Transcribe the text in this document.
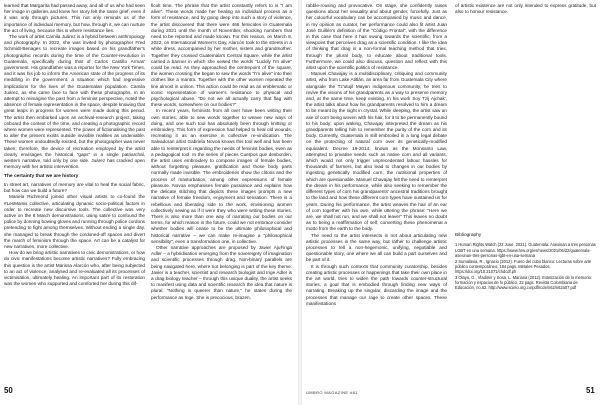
learned that Margarita had passed away, and all of us who had seen her image in galleries and knew her story felt the same grief, even if it was only through pictures. This not only reminds us of the importance of individual memory, but how, through it, we can nurture the act of living, because this is where resistance lies.

The work of artist Camila Juárez is a hybrid between anthropology and photography. In 2022, she was invited by photographer Fred Schmidt-Benages to recreate images based on his grandfather's photographic records during the time of the Counter-revolution in Guatemala, specifically during that of Carlos Castillo Armas' government. His grandfather was a reporter for the New York Times, and it was his job to inform the American state of the progress of its meddling in the government, a situation which had regressive implications for the lives of the Guatemalan population. Camila Juárez, as she came face to face with these photographs, in an attempt to reimagine the past from a feminist perspective, noted the absence of female representation in the space, despite knowing that great leaps in progress for women were made during this period. The artist then embarked upon an archival-research project, taking onboard the context of the time, and creating a photographic record where women were represented. The power of fictionalising the past to alter the present exists outside invisible realities as undeniable. These women undoubtedly existed, but the photographer was never taken; therefore, the device of recreation employed by the artist clearly envisages the historical "gaps" in a single patriarchal, western narrative, told only by one side. Juárez has cracked open memory with her artistic intervention.

The certainty that we are history

In street art, narratives of memory are vital to heal the social fabric, but how can we build a future?

Mariela Richmond joined other visual artists to co-found the #LesMainis collective, articulating dynamic socio-political factors in order to recreate new discursive tools. The collective was very active on the 8 March demonstrations, using satire to confound the police by donning bowing gloves and running through police cordons pretending to fight among themselves. Without ending a single day, she managed to break through the cordoned-off spaces and divert the march of feminism through the space. Art can be a catalyst for new narratives, more collective.

How do we bring artistic narratives to civic demonstrations, or how do civic manifestations become artistic narratives? Fully embracing this question is the artist Marissa Alarcón who, after being subjected to an act of violence, analysed and re-evaluated all its processes of victimisation, ultimately healing. An important part of its restoration was the women who supported and comforted her during this dif-

ficult time. The phrase that the artist constantly refers to is "I am alive". These words made her healing an individual process as a form of resistance, and by going deep into such a story of violence, the artist discovered that there were 466 femicides in Guatemala during 2021 until the month of November, shocking numbers that need to be reported and made known. For this reason, on March 8, 2022, on International Women's Day, Alarcón took to the streets in a white dress, accompanied by her mother, sisters and grandmother. Together they crossed Guatemala's Central Square, while the artist carried a banner in which she sewed the words "Luckily I'm alive" could be read. As they approached the centrepoint of the square, the women crossing the began to sew the words "I'm alive" into their clothes like a mantra. Together with the other women repeated the line almost in unison. This action could be read as an emblematic or iconic representation of women's resistance to physical and psychological abuse. "Do not we all actually carry that flag with these words, somewhere on our bodies?"

In recent years, feminists from all over have been writing their own stories, able to sew words together to weave new ways of doing, and one such tool has absolutely been through knitting or embroidery. This form of expression had helped to heal old wounds, recreating it as an exercise in collective re-vindication. The Salvadoran artist Gabriela Novoa knows this tool well and has been able to reinterpret it regarding the needs of feminist bodies, even as a pedagogical tool. In the series of pieces Cuerpos que desborden, the artist uses embroidery to compose images of female bodies, without forgetting pleasure, gratification and those body parts normally made invisible. The embroideries show the clitoris and the process of masturbation, among other expressions of female pleasure. Novoa emphasises female pussiance and explains how the delicate stitching that depicts these images prompts a new narrative of female freedom, enjoyment and sensation. There is a rebellious and liberating side to the work, envisioning women collectively sewing as if it were they who were writing these stories. There is also more than one way of narrating our bodies on our terms, for which reason in the future, could we not embrace consider whether bodies will cease to be the ultimate philosophical and historical narrative – we can make re-imagine a "philosophical sensibility", even a transformation one, in collective.

Other narrative approaches are proposed by Javier Ajuǂinga Adler – a hybridisation emerging from the sovereignty of imagination and scientific processes through drag. Non-binary parallels are being navigated here, where not belonging is part of the key theme. Javier is a teacher, scientist and research biologist and Inge Adler is a drag biology teacher – through this unique duality, the artist seeks to manifest using data and scientific research the idea that nature is plural. "Nothing is queerer than nature," he states during the performance as Inge. She is precocious, brazen,

rabble-rousing and provocative. On stage, she confidently raises questions about her sexuality and about gender, forcefully. Just as her colourful vocabulary can be accompanied by music and dance, in my opinion as curator, her performance could also fit artist Juan José Guillén's definition of the "Código Frontal", with the difference in this case that here it has swung towards the scientific, from a viewpoint that perceives drag as a scientific condition. I like the idea of thinking that drag is a non-formal teaching method that tries, through the plural body, to educate about traditional tools. Furthermore, we could also discuss, question and reflect with this artist upon the scientific politics of resistance.

Manuel Chavajay is a multidisciplinary, critiquing and community artist, who from Lake Atitlán, an area far from Guatemala City where alongside the Tz'utujil Mayan indigenous community, he tries to revive the visions of his grandparents as a way to preserve memory and, at the same time, keep existing. In his work Soy Tzij Ajchak', the artist talks about how his grandparents resolved to him a dream to be meant by the night in crystal. While sleeping, the artist saw an axe of corn being woven with his hair, for it to be permanently bound to his body; upon waking, Chavajay interpreted the dream as his grandparents telling him to remember the purity of the corn and its body. Currently, Guatemala is still embroiled in a long legal debate on the protecting of natural corn over its genetically-modified equivalent. Decree 19-2014, known as the Monsanto Law, attempted to privatise seeds such as native corn and all variants, which would not only trigger unprecedented labour hassles for thousands of farmers, but also lead to changes in our bodies by ingesting genetically modified corn, the nutritional properties of which are questionable. Manuel Chavajay felt the need to reinterpret the dream in his performance, while also seeking to remember the different types of corn his grandparents' ancestral traditions brought to the land and how these different corn types have sustained us for years. During his performance, the artist weaves the hair of an ear of corn together with his own, while uttering the phrase: "Here we are, we shall not run, and we shall not leave!" This leaves no doubt as to being a reaffirmation of self, converting these phenomenal a motto from the earth to the body.

The need to the artist intersects is not about articulating new artistic processes in the same way, but rather to challenge artistic processes to tell a non-hegemonic, unifying, negotiable and questionable story, one where we all can build a part ourselves and be part of it.

It is through such contexts that community curatorship, besides creating artistic processes or happenings that take their own place in the art world, tries to widen the path towards counter-structural stories, a goal that is embodied through finding new ways of narrating. Breaking up the singular, discarding the image and the processes that manage our rage to create other spaces. These manifestations

of artistic existence are not only intended to express gratitude, but also to honour resistance.

Bibliography

1 Human Rights Watch (22 June, 2021). Guatemala: Asesinan a tres personas LGBT en una semana. https://www.hrw.org/es/news/2021/06/22/guatemala-asesinan-tres-personas-lgbt-en-una-semana

2 Sumalavia, R., Ignacio (2012). Fuero del cubo blanco: Lecturas sobre arte público contemporáneo, 184 pags. Metales Pesados. https://doi.org/10.21071/chdcdf.ph

3 Olaya, G., Vladimir y Sosa, L. Mariana (2012). Estetización de lo memorio: formación y espacios de lo público, 22 pags. Revista Colombiana de Educación, no.62. http://www.scielo.org.co/pdf/rcde/n62/n62a07.pdf

50	UMBRO MAGAZINE #81	51
